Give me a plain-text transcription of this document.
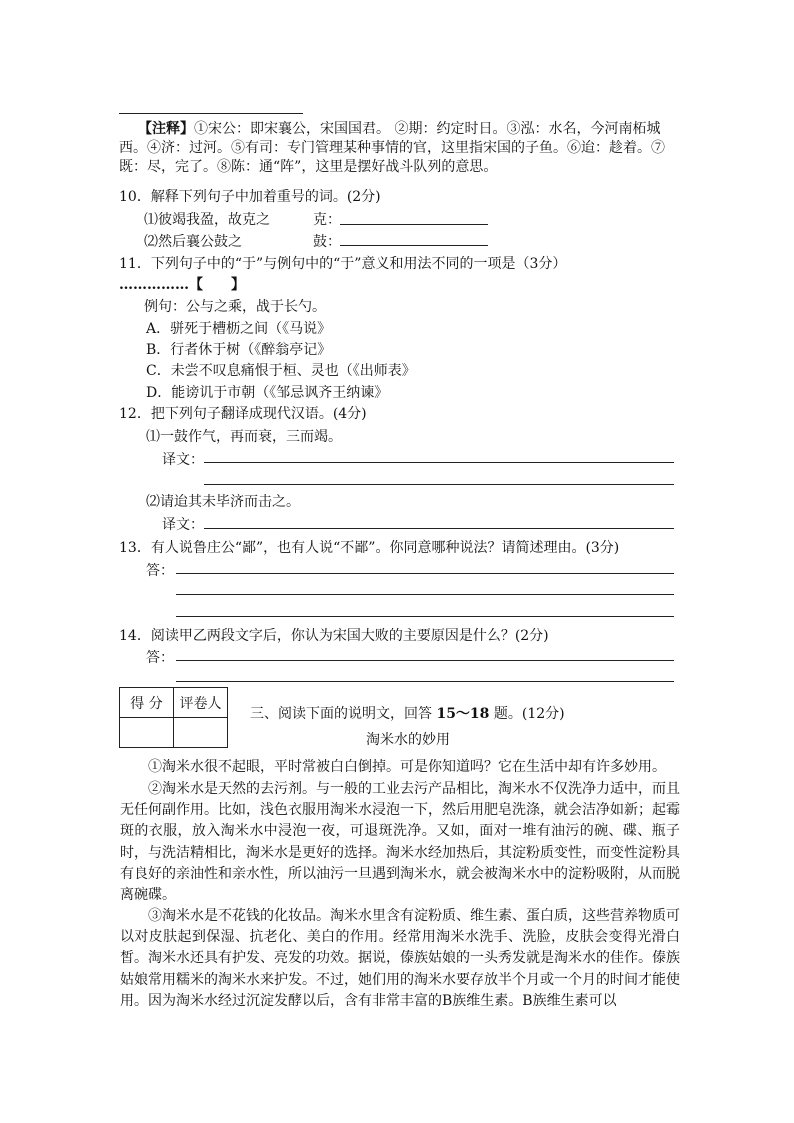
【注释】①宋公：即宋襄公，宋国国君。 ②期：约定时日。③泓：水名，今河南柘城
西。④济：过河。⑤有司：专门管理某种事情的官，这里指宋国的子鱼。⑥迨：趁着。⑦
既：尽，完了。⑧陈：通“阵”，这里是摆好战斗队列的意思。
10．解释下列句子中加着重号的词。(2分)
⑴彼竭我盈，故克之	克：
⑵然后襄公鼓之	鼓：
11．下列句子中的“于”与例句中的“于”意义和用法不同的一项是（3分）
……………【　　】
例句：公与之乘，战于长勺。
A．骈死于槽枥之间（《马说》
B．行者休于树（《醉翁亭记》
C．未尝不叹息痛恨于桓、灵也（《出师表》
D．能谤讥于市朝（《邹忌讽齐王纳谏》
12．把下列句子翻译成现代汉语。(4分)
⑴一鼓作气，再而衰，三而竭。
译文：
⑵请迨其未毕济而击之。
译文：
13．有人说鲁庄公“鄙”，也有人说“不鄙”。你同意哪种说法？请简述理由。(3分)
答：
14．阅读甲乙两段文字后，你认为宋国大败的主要原因是什么？(2分)
答：
得 分	评卷人

三、阅读下面的说明文，回答 15～18 题。(12分)
淘米水的妙用
①淘米水很不起眼，平时常被白白倒掉。可是你知道吗？它在生活中却有许多妙用。
②淘米水是天然的去污剂。与一般的工业去污产品相比，淘米水不仅洗净力适中，而且无任何副作用。比如，浅色衣服用淘米水浸泡一下，然后用肥皂洗涤，就会洁净如新；起霉斑的衣服，放入淘米水中浸泡一夜，可退斑洗净。又如，面对一堆有油污的碗、碟、瓶子时，与洗洁精相比，淘米水是更好的选择。淘米水经加热后，其淀粉质变性，而变性淀粉具有良好的亲油性和亲水性，所以油污一旦遇到淘米水，就会被淘米水中的淀粉吸附，从而脱离碗碟。
③淘米水是不花钱的化妆品。淘米水里含有淀粉质、维生素、蛋白质，这些营养物质可以对皮肤起到保湿、抗老化、美白的作用。经常用淘米水洗手、洗脸，皮肤会变得光滑白皙。淘米水还具有护发、亮发的功效。据说，傣族姑娘的一头秀发就是淘米水的佳作。傣族姑娘常用糯米的淘米水来护发。不过，她们用的淘米水要存放半个月或一个月的时间才能使用。因为淘米水经过沉淀发酵以后，含有非常丰富的B族维生素。B族维生素可以
